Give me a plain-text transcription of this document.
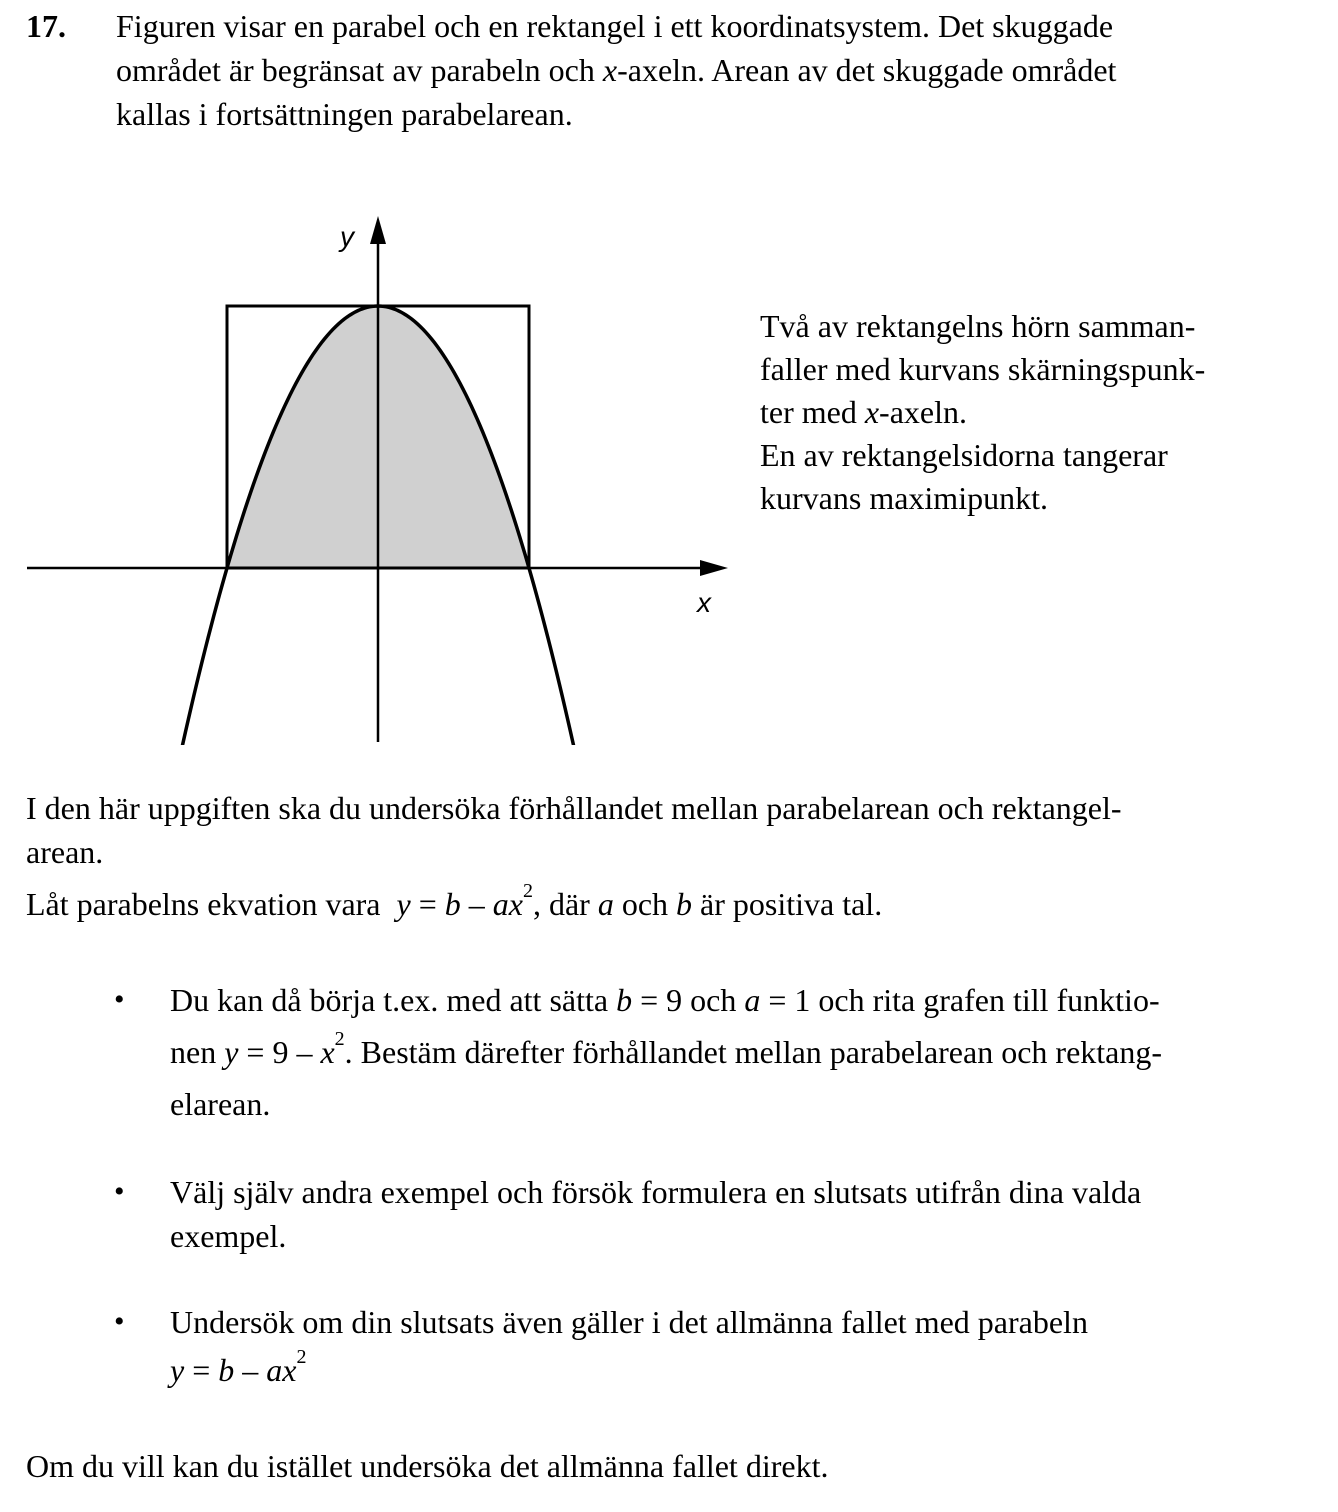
17. Figuren visar en parabel och en rektangel i ett koordinatsystem. Det skuggade
området är begränsat av parabeln och x-axeln. Arean av det skuggade området
kallas i fortsättningen parabelarean.
y
x
Två av rektangelns hörn samman-
faller med kurvans skärningspunk-
ter med x-axeln.
En av rektangelsidorna tangerar
kurvans maximipunkt.
I den här uppgiften ska du undersöka förhållandet mellan parabelarean och rektangel-
arean.
Låt parabelns ekvation vara $y = b - ax^2$, där a och b är positiva tal.
• Du kan då börja t.ex. med att sätta b = 9 och a = 1 och rita grafen till funktio-
nen $y = 9 - x^2$. Bestäm därefter förhållandet mellan parabelarean och rektang-
elarean.
• Välj själv andra exempel och försök formulera en slutsats utifrån dina valda
exempel.
• Undersök om din slutsats även gäller i det allmänna fallet med parabeln
$y = b - ax^2$
Om du vill kan du istället undersöka det allmänna fallet direkt.
